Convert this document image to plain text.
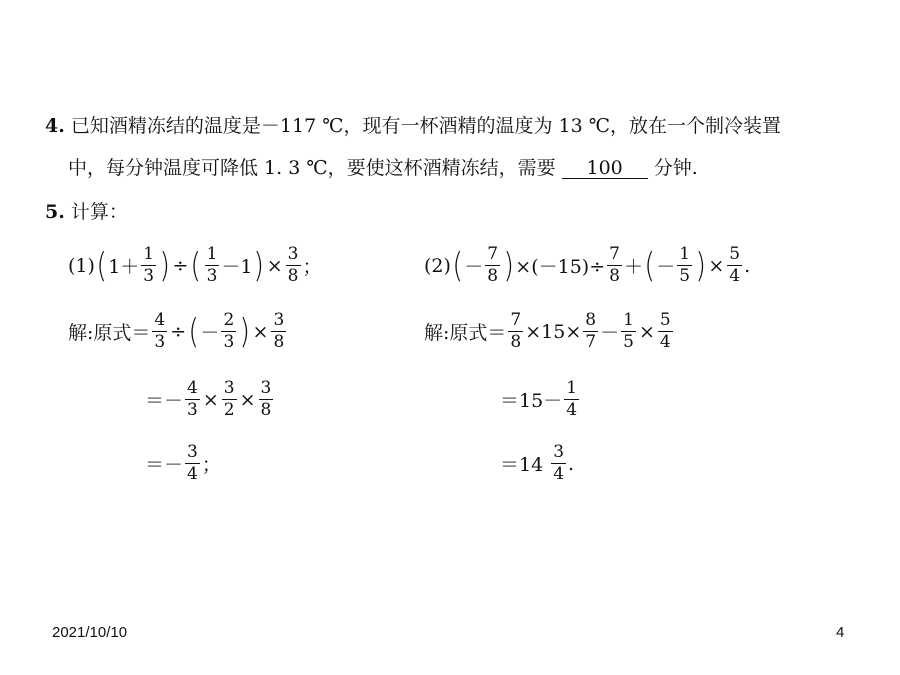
4. 已知酒精冻结的温度是－117 ℃，现有一杯酒精的温度为 13 ℃，放在一个制冷装置
中，每分钟温度可降低 1. 3 ℃，要使这杯酒精冻结，需要 100 分钟.
5. 计算：
(1) ( $1+ \frac{1}{3}$ ) ÷ ( $\frac{1}{3} -1$ ) × $\frac{3}{8}$ ；	(2) ( － $\frac{7}{8}$ ) $\times(-15)\div \frac{7}{8}$ ＋ ( － $\frac{1}{5}$ ) × $\frac{5}{4}$ .
解:原式＝ $\frac{4}{3}$ ÷ ( － $\frac{2}{3}$ ) × $\frac{3}{8}$
＝－ $\frac{4}{3} \times \frac{3}{2} \times \frac{3}{8}$
＝－ $\frac{3}{4}$ ；
解:原式＝ $\frac{7}{8} \times 15\times \frac{8}{7} - \frac{1}{5} \times \frac{5}{4}$
$=15- \frac{1}{4}$
$=14 \frac{3}{4}$ .
2021/10/10	4
